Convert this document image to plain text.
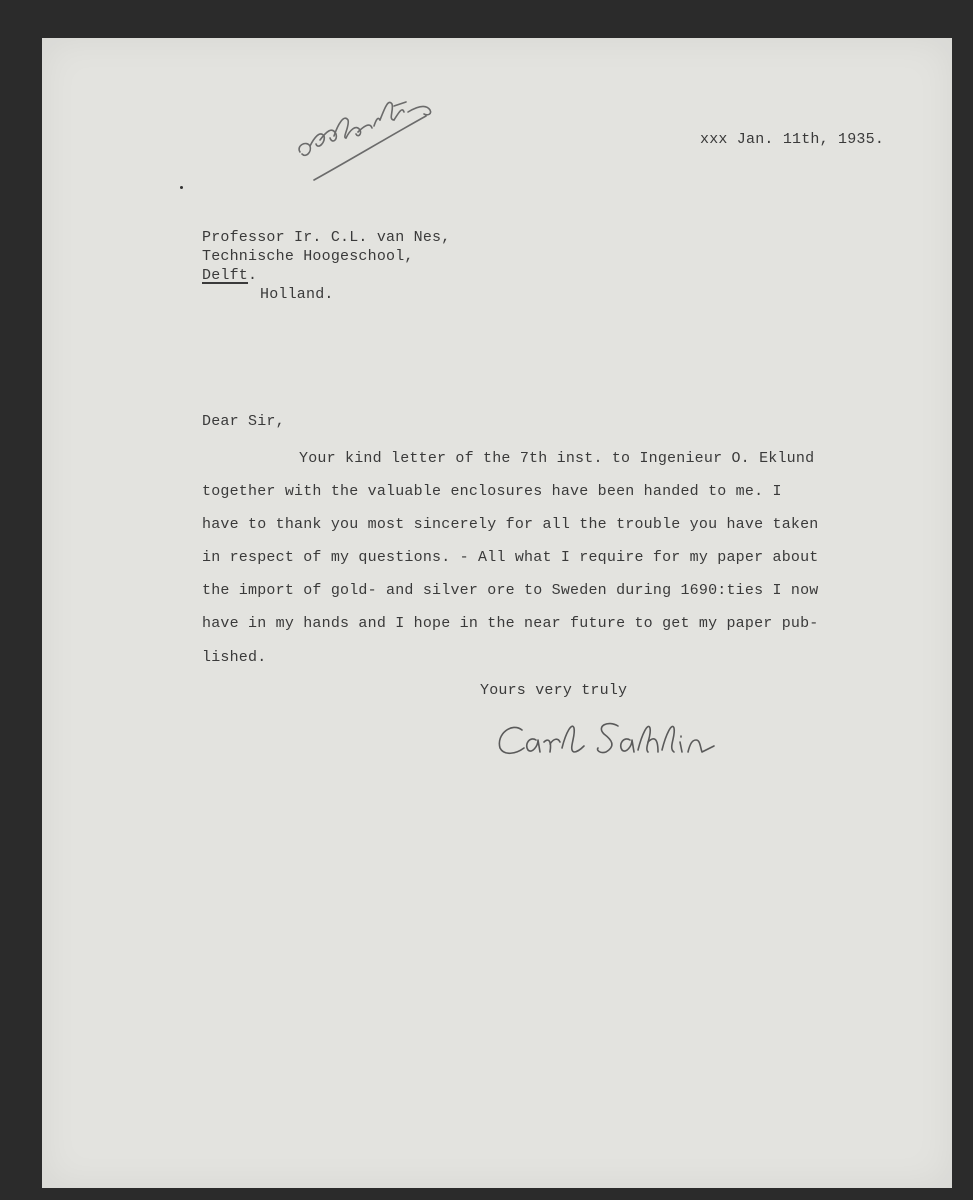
xxx Jan. 11th, 1935.

Professor Ir. C.L. van Nes,

Technische Hoogeschool,

Delft.

Holland.

Dear Sir,

Your kind letter of the 7th inst. to Ingenieur O. Eklund

together with the valuable enclosures have been handed to me. I

have to thank you most sincerely for all the trouble you have taken

in respect of my questions. - All what I require for my paper about

the import of gold- and silver ore to Sweden during 1690:ties I now

have in my hands and I hope in the near future to get my paper pub-

lished.

Yours very truly
